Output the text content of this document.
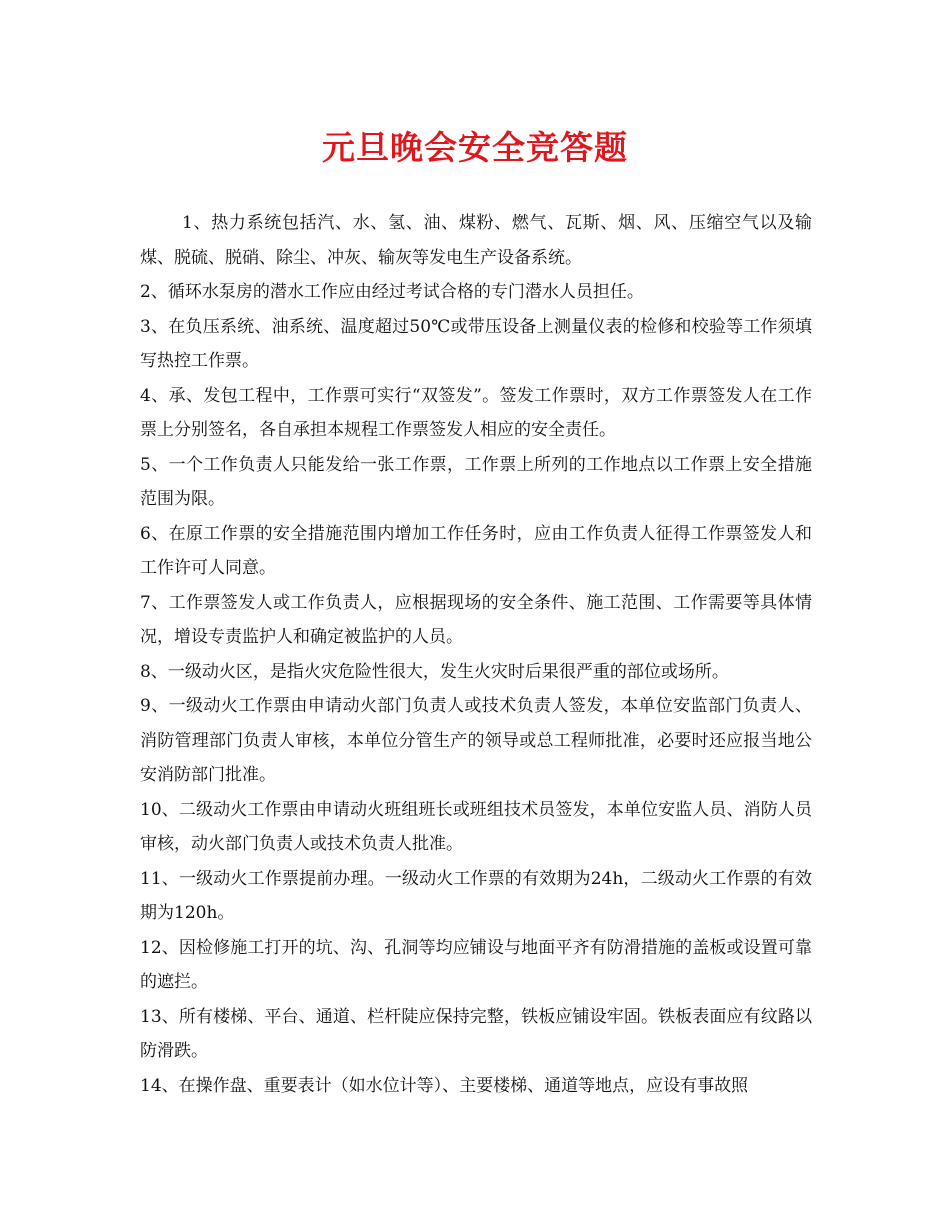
元旦晚会安全竞答题

1、热力系统包括汽、水、氢、油、煤粉、燃气、瓦斯、烟、风、压缩空气以及输煤、脱硫、脱硝、除尘、冲灰、输灰等发电生产设备系统。

2、循环水泵房的潜水工作应由经过考试合格的专门潜水人员担任。

3、在负压系统、油系统、温度超过50℃或带压设备上测量仪表的检修和校验等工作须填写热控工作票。

4、承、发包工程中，工作票可实行“双签发”。签发工作票时，双方工作票签发人在工作票上分别签名，各自承担本规程工作票签发人相应的安全责任。

5、一个工作负责人只能发给一张工作票，工作票上所列的工作地点以工作票上安全措施范围为限。

6、在原工作票的安全措施范围内增加工作任务时，应由工作负责人征得工作票签发人和工作许可人同意。

7、工作票签发人或工作负责人，应根据现场的安全条件、施工范围、工作需要等具体情况，增设专责监护人和确定被监护的人员。

8、一级动火区，是指火灾危险性很大，发生火灾时后果很严重的部位或场所。

9、一级动火工作票由申请动火部门负责人或技术负责人签发，本单位安监部门负责人、消防管理部门负责人审核，本单位分管生产的领导或总工程师批准，必要时还应报当地公安消防部门批准。

10、二级动火工作票由申请动火班组班长或班组技术员签发，本单位安监人员、消防人员审核，动火部门负责人或技术负责人批准。

11、一级动火工作票提前办理。一级动火工作票的有效期为24h，二级动火工作票的有效期为120h。

12、因检修施工打开的坑、沟、孔洞等均应铺设与地面平齐有防滑措施的盖板或设置可靠的遮拦。

13、所有楼梯、平台、通道、栏杆陡应保持完整，铁板应铺设牢固。铁板表面应有纹路以防滑跌。

14、在操作盘、重要表计（如水位计等）、主要楼梯、通道等地点，应设有事故照
